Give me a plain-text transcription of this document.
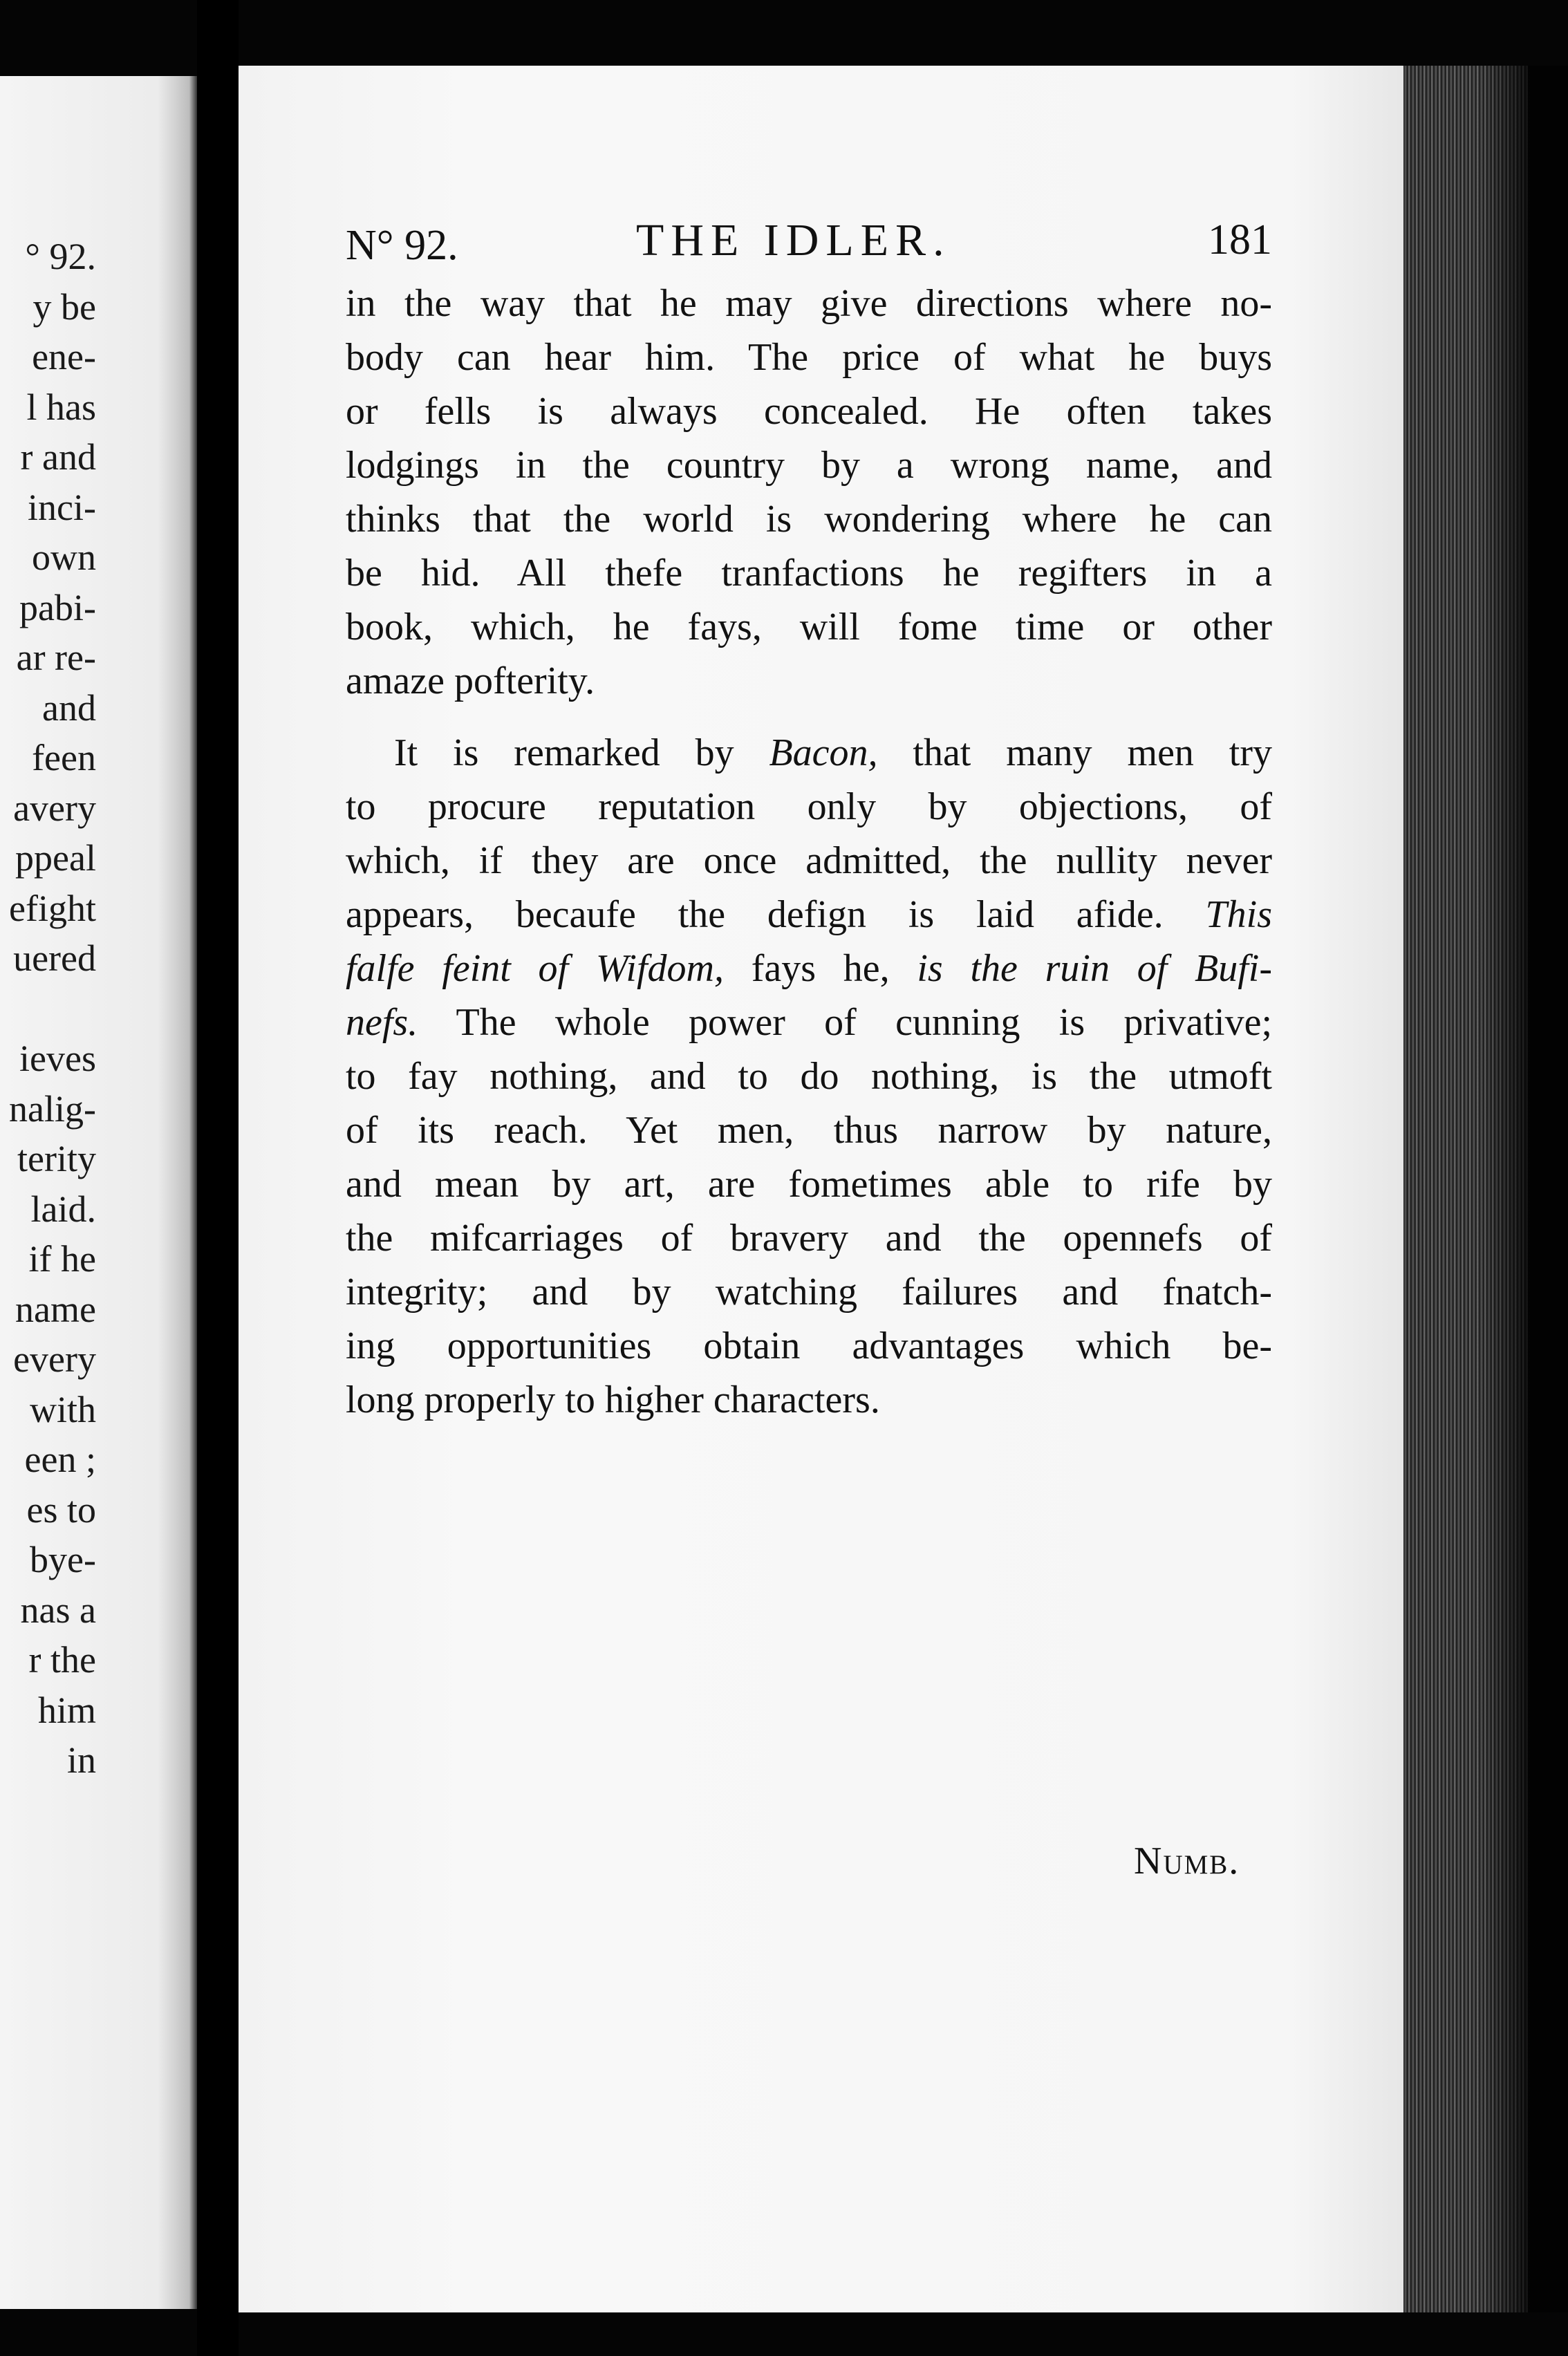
° 92.
y be
ene-
l has
r and
inci-
own
pabi-
ar re-
and
feen
avery
ppeal
efight
uered
ieves
nalig-
terity
laid.
if he
name
every
with
een ;
es to
bye-
nas a
r the
him
in
N° 92.	THE IDLER.	181
in the way that he may give directions where no-
body can hear him. The price of what he buys
or fells is always concealed. He often takes
lodgings in the country by a wrong name, and
thinks that the world is wondering where he can
be hid. All thefe tranfactions he regifters in a
book, which, he fays, will fome time or other
amaze pofterity.
It is remarked by Bacon, that many men try
to procure reputation only by objections, of
which, if they are once admitted, the nullity never
appears, becaufe the defign is laid afide. This
falfe feint of Wifdom, fays he, is the ruin of Bufi-
nefs. The whole power of cunning is privative;
to fay nothing, and to do nothing, is the utmoft
of its reach. Yet men, thus narrow by nature,
and mean by art, are fometimes able to rife by
the mifcarriages of bravery and the opennefs of
integrity; and by watching failures and fnatch-
ing opportunities obtain advantages which be-
long properly to higher characters.
Numb.
